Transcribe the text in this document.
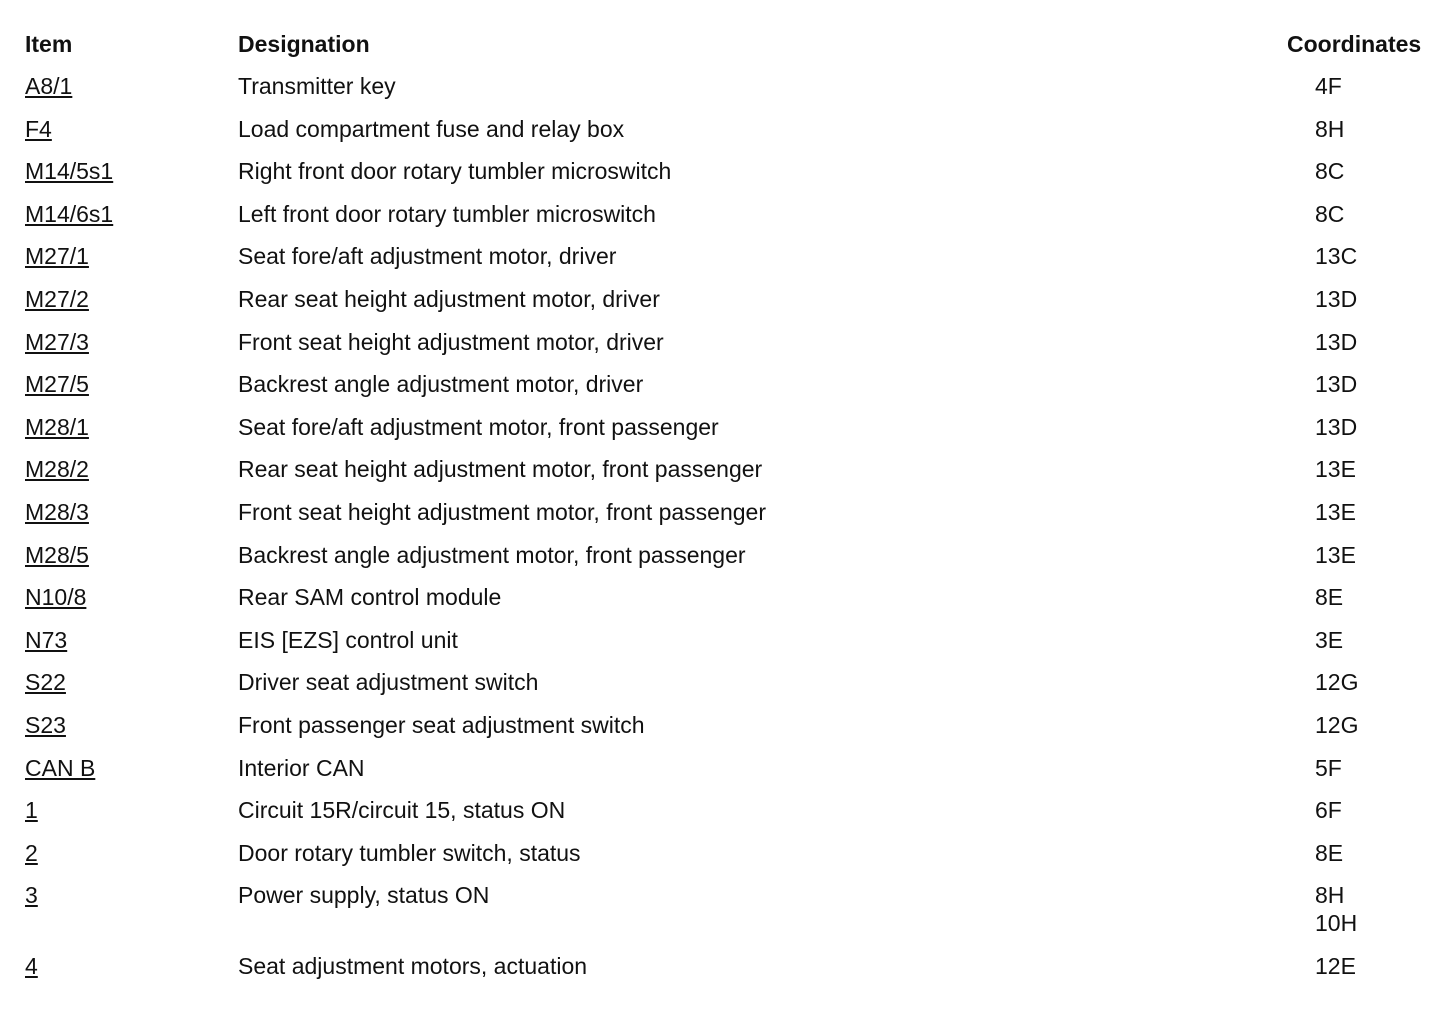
Item	Designation	Coordinates
A8/1	Transmitter key	4F
F4	Load compartment fuse and relay box	8H
M14/5s1	Right front door rotary tumbler microswitch	8C
M14/6s1	Left front door rotary tumbler microswitch	8C
M27/1	Seat fore/aft adjustment motor, driver	13C
M27/2	Rear seat height adjustment motor, driver	13D
M27/3	Front seat height adjustment motor, driver	13D
M27/5	Backrest angle adjustment motor, driver	13D
M28/1	Seat fore/aft adjustment motor, front passenger	13D
M28/2	Rear seat height adjustment motor, front passenger	13E
M28/3	Front seat height adjustment motor, front passenger	13E
M28/5	Backrest angle adjustment motor, front passenger	13E
N10/8	Rear SAM control module	8E
N73	EIS [EZS] control unit	3E
S22	Driver seat adjustment switch	12G
S23	Front passenger seat adjustment switch	12G
CAN B	Interior CAN	5F
1	Circuit 15R/circuit 15, status ON	6F
2	Door rotary tumbler switch, status	8E
3	Power supply, status ON	8H
10H
4	Seat adjustment motors, actuation	12E
